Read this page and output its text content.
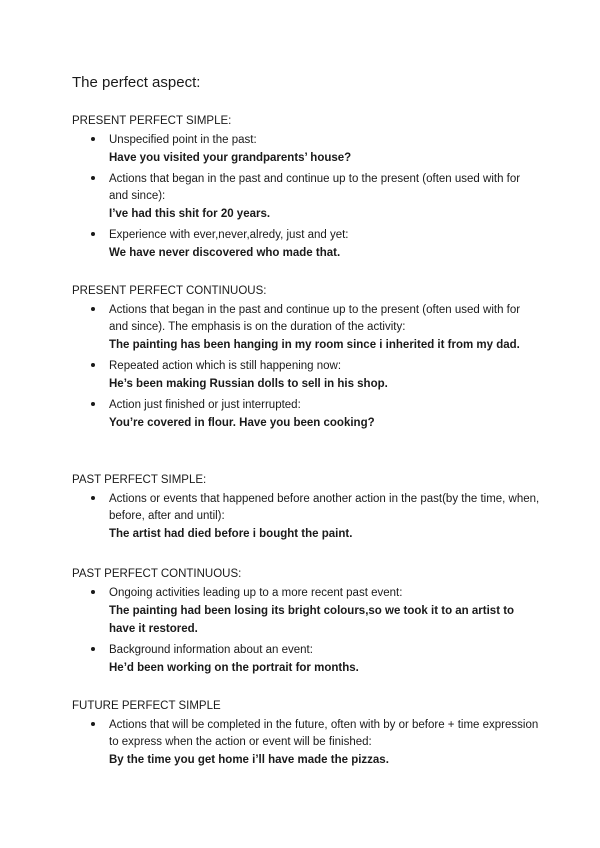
The perfect aspect:
PRESENT PERFECT SIMPLE:
Unspecified point in the past:
Have you visited your grandparents’ house?
Actions that began in the past and continue up to the present (often used with for and since):
I’ve had this shit for 20 years.
Experience with ever,never,alredy, just and yet:
We have never discovered who made that.
PRESENT PERFECT CONTINUOUS:
Actions that began in the past and continue up to the present (often used with for and since). The emphasis is on the duration of the activity:
The painting has been hanging in my room since i inherited it from my dad.
Repeated action which is still happening now:
He’s been making Russian dolls to sell in his shop.
Action just finished or just interrupted:
You’re covered in flour. Have you been cooking?
PAST PERFECT SIMPLE:
Actions or events that happened before another action in the past(by the time, when, before, after and until):
The artist had died before i bought the paint.
PAST PERFECT CONTINUOUS:
Ongoing activities leading up to a more recent past event:
The painting had been losing its bright colours,so we took it to an artist to have it restored.
Background information about an event:
He’d been working on the portrait for months.
FUTURE PERFECT SIMPLE
Actions that will be completed in the future, often with by or before + time expression to express when the action or event will be finished:
By the time you get home i’ll have made the pizzas.
